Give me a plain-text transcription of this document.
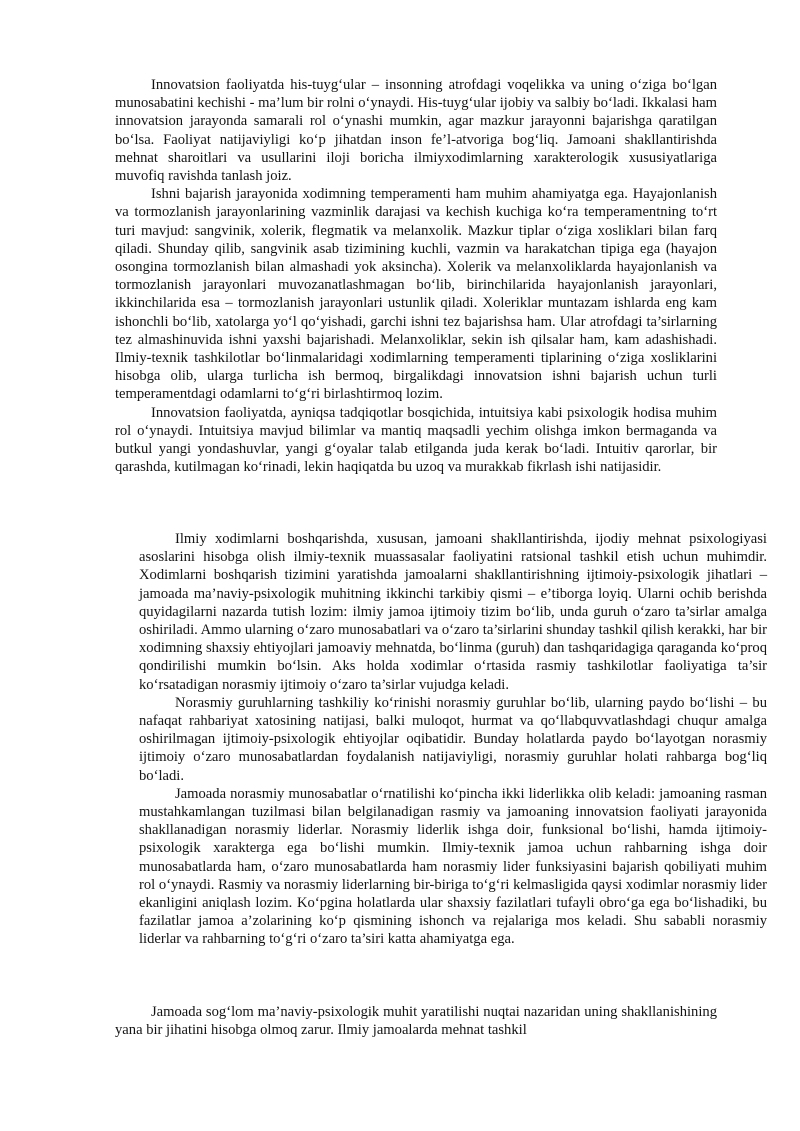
Innovatsion faoliyatda his-tuyg‘ular – insonning atrofdagi voqelikka va uning o‘ziga bo‘lgan munosabatini kechishi - ma’lum bir rolni o‘ynaydi. His-tuyg‘ular ijobiy va salbiy bo‘ladi. Ikkalasi ham innovatsion jarayonda samarali rol o‘ynashi mumkin, agar mazkur jarayonni bajarishga qaratilgan bo‘lsa. Faoliyat natijaviyligi ko‘p jihatdan inson fe’l-atvoriga bog‘liq. Jamoani shakllantirishda mehnat sharoitlari va usullarini iloji boricha ilmiyxodimlarning xarakterologik xususiyatlariga muvofiq ravishda tanlash joiz.

Ishni bajarish jarayonida xodimning temperamenti ham muhim ahamiyatga ega. Hayajonlanish va tormozlanish jarayonlarining vazminlik darajasi va kechish kuchiga ko‘ra temperamentning to‘rt turi mavjud: sangvinik, xolerik, flegmatik va melanxolik. Mazkur tiplar o‘ziga xosliklari bilan farq qiladi. Shunday qilib, sangvinik asab tizimining kuchli, vazmin va harakatchan tipiga ega (hayajon osongina tormozlanish bilan almashadi yok aksincha). Xolerik va melanxoliklarda hayajonlanish va tormozlanish jarayonlari muvozanatlashmagan bo‘lib, birinchilarida hayajonlanish jarayonlari, ikkinchilarida esa – tormozlanish jarayonlari ustunlik qiladi. Xoleriklar muntazam ishlarda eng kam ishonchli bo‘lib, xatolarga yo‘l qo‘yishadi, garchi ishni tez bajarishsa ham. Ular atrofdagi ta’sirlarning tez almashinuvida ishni yaxshi bajarishadi. Melanxoliklar, sekin ish qilsalar ham, kam adashishadi. Ilmiy-texnik tashkilotlar bo‘linmalaridagi xodimlarning temperamenti tiplarining o‘ziga xosliklarini hisobga olib, ularga turlicha ish bermoq, birgalikdagi innovatsion ishni bajarish uchun turli temperamentdagi odamlarni to‘g‘ri birlashtirmoq lozim.

Innovatsion faoliyatda, ayniqsa tadqiqotlar bosqichida, intuitsiya kabi psixologik hodisa muhim rol o‘ynaydi. Intuitsiya mavjud bilimlar va mantiq maqsadli yechim olishga imkon bermaganda va butkul yangi yondashuvlar, yangi g‘oyalar talab etilganda juda kerak bo‘ladi. Intuitiv qarorlar, bir qarashda, kutilmagan ko‘rinadi, lekin haqiqatda bu uzoq va murakkab fikrlash ishi natijasidir.

Ilmiy xodimlarni boshqarishda, xususan, jamoani shakllantirishda, ijodiy mehnat psixologiyasi asoslarini hisobga olish ilmiy-texnik muassasalar faoliyatini ratsional tashkil etish uchun muhimdir. Xodimlarni boshqarish tizimini yaratishda jamoalarni shakllantirishning ijtimoiy-psixologik jihatlari – jamoada ma’naviy-psixologik muhitning ikkinchi tarkibiy qismi – e’tiborga loyiq. Ularni ochib berishda quyidagilarni nazarda tutish lozim: ilmiy jamoa ijtimoiy tizim bo‘lib, unda guruh o‘zaro ta’sirlar amalga oshiriladi. Ammo ularning o‘zaro munosabatlari va o‘zaro ta’sirlarini shunday tashkil qilish kerakki, har bir xodimning shaxsiy ehtiyojlari jamoaviy mehnatda, bo‘linma (guruh) dan tashqaridagiga qaraganda ko‘proq qondirilishi mumkin bo‘lsin. Aks holda xodimlar o‘rtasida rasmiy tashkilotlar faoliyatiga ta’sir ko‘rsatadigan norasmiy ijtimoiy o‘zaro ta’sirlar vujudga keladi.

Norasmiy guruhlarning tashkiliy ko‘rinishi norasmiy guruhlar bo‘lib, ularning paydo bo‘lishi – bu nafaqat rahbariyat xatosining natijasi, balki muloqot, hurmat va qo‘llabquvvatlashdagi chuqur amalga oshirilmagan ijtimoiy-psixologik ehtiyojlar oqibatidir. Bunday holatlarda paydo bo‘layotgan norasmiy ijtimoiy o‘zaro munosabatlardan foydalanish natijaviyligi, norasmiy guruhlar holati rahbarga bog‘liq bo‘ladi.

Jamoada norasmiy munosabatlar o‘rnatilishi ko‘pincha ikki liderlikka olib keladi: jamoaning rasman mustahkamlangan tuzilmasi bilan belgilanadigan rasmiy va jamoaning innovatsion faoliyati jarayonida shakllanadigan norasmiy liderlar. Norasmiy liderlik ishga doir, funksional bo‘lishi, hamda ijtimoiy-psixologik xarakterga ega bo‘lishi mumkin. Ilmiy-texnik jamoa uchun rahbarning ishga doir munosabatlarda ham, o‘zaro munosabatlarda ham norasmiy lider funksiyasini bajarish qobiliyati muhim rol o‘ynaydi. Rasmiy va norasmiy liderlarning bir-biriga to‘g‘ri kelmasligida qaysi xodimlar norasmiy lider ekanligini aniqlash lozim. Ko‘pgina holatlarda ular shaxsiy fazilatlari tufayli obro‘ga ega bo‘lishadiki, bu fazilatlar jamoa a’zolarining ko‘p qismining ishonch va rejalariga mos keladi. Shu sababli norasmiy liderlar va rahbarning to‘g‘ri o‘zaro ta’siri katta ahamiyatga ega.

Jamoada sog‘lom ma’naviy-psixologik muhit yaratilishi nuqtai nazaridan uning shakllanishining yana bir jihatini hisobga olmoq zarur. Ilmiy jamoalarda mehnat tashkil
